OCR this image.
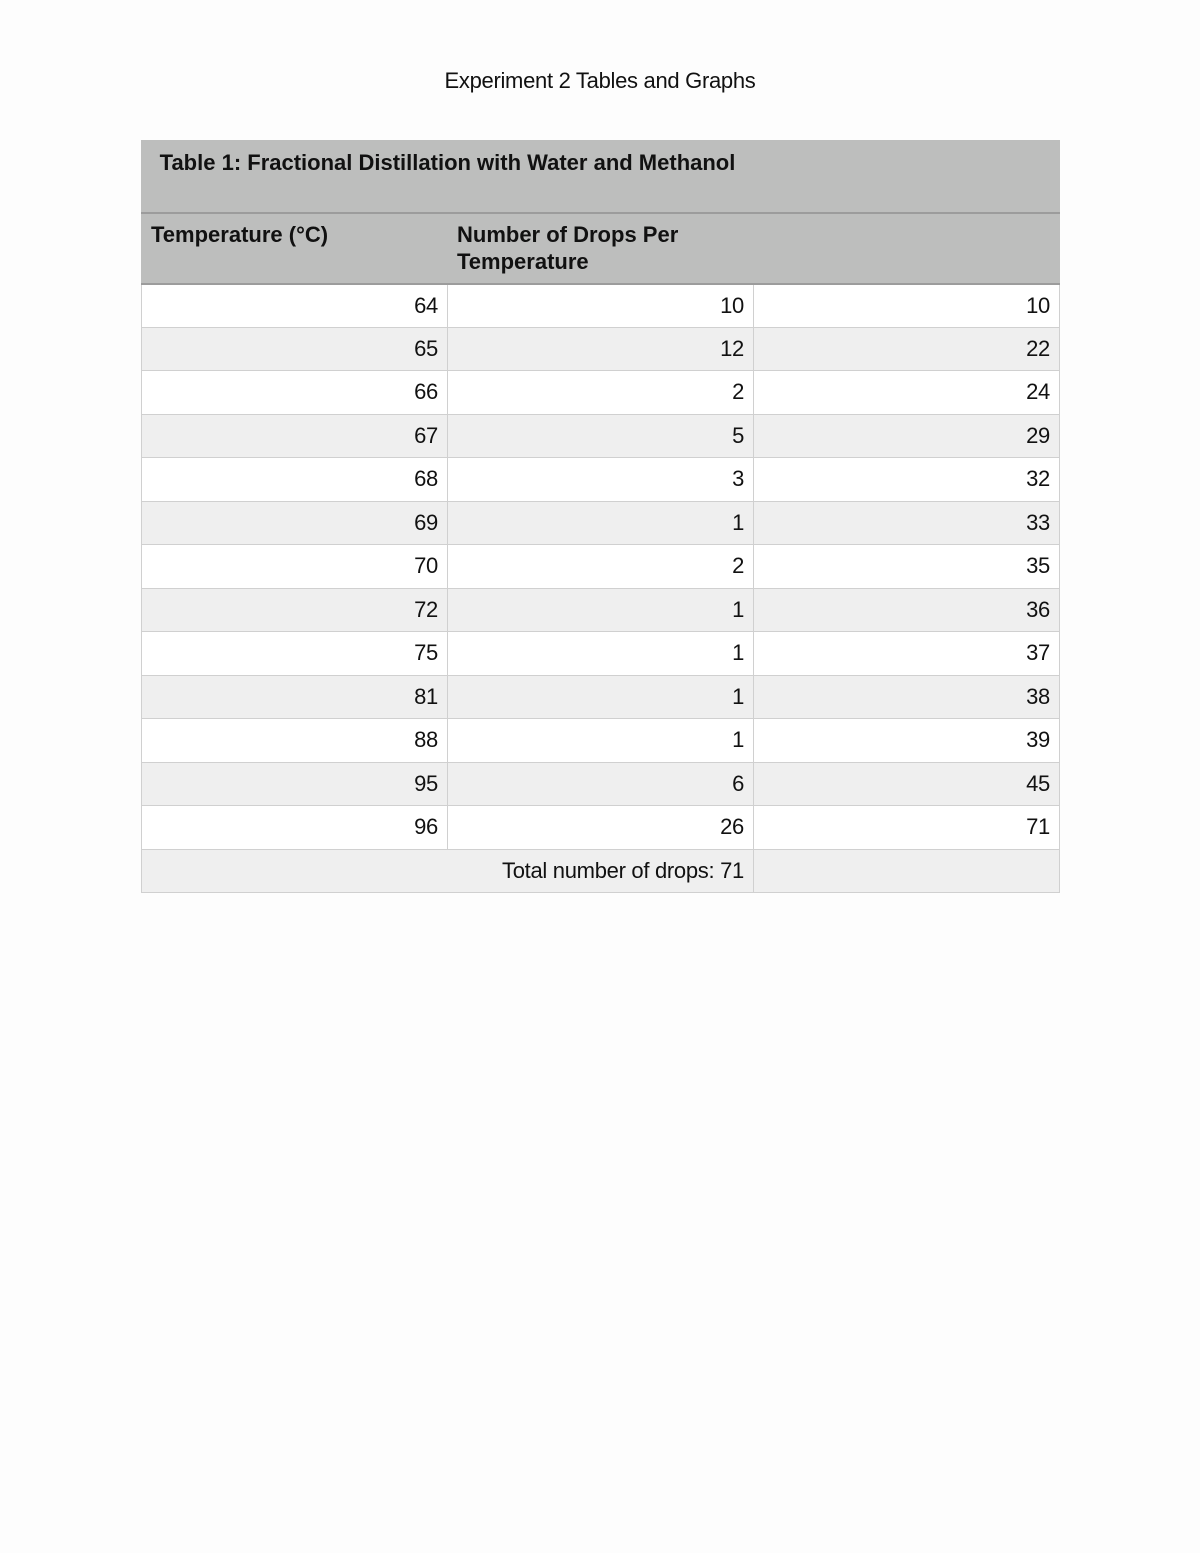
Experiment 2 Tables and Graphs
Table 1: Fractional Distillation with Water and Methanol		
Temperature (°C)	Number of Drops Per Temperature	
64	10	10
65	12	22
66	2	24
67	5	29
68	3	32
69	1	33
70	2	35
72	1	36
75	1	37
81	1	38
88	1	39
95	6	45
96	26	71
Total number of drops: 71		
